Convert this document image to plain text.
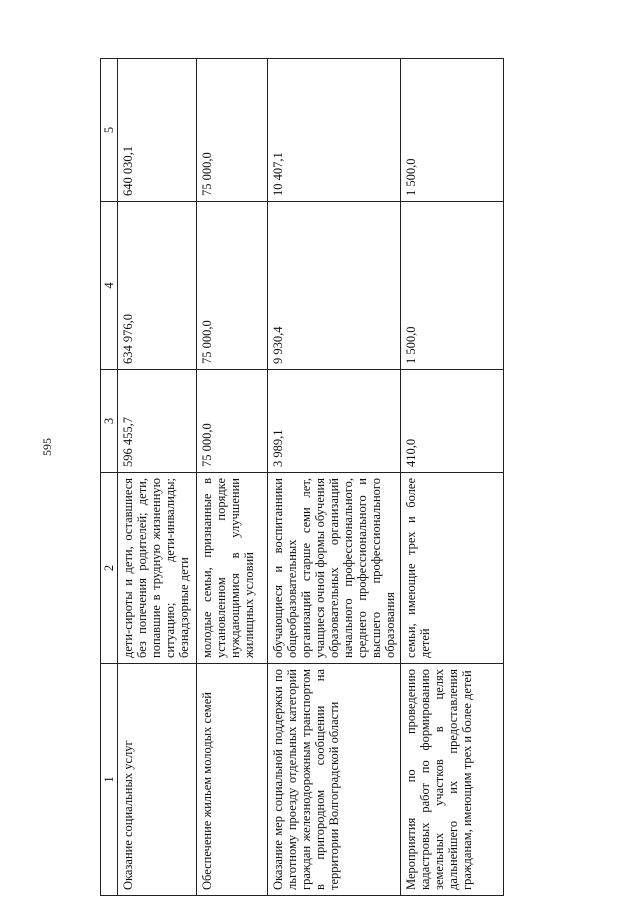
595
1	2	3	4	5
Оказание социальных услуг	дети-сироты и дети, оставшиеся без попечения родителей; дети, попавшие в трудную жизненную ситуацию; дети-инвалиды; безнадзорные дети	596 455,7	634 976,0	640 030,1
Обеспечение жильем молодых семей	молодые семьи, признанные в установленном порядке нуждающимися в улучшении жилищных условий	75 000,0	75 000,0	75 000,0
Оказание мер социальной поддержки по льготному проезду отдельных категорий граждан железнодорожным транспортом в пригородном сообщении на территории Волгоградской области	обучающиеся и воспитанники общеобразовательных организаций старше семи лет, учащиеся очной формы обучения образовательных организаций начального профессионального, среднего профессионального и высшего профессионального образования	3 989,1	9 930,4	10 407,1
Мероприятия по проведению кадастровых работ по формированию земельных участков в целях дальнейшего их предоставления гражданам, имеющим трех и более детей	семьи, имеющие трех и более детей	410,0	1 500,0	1 500,0
